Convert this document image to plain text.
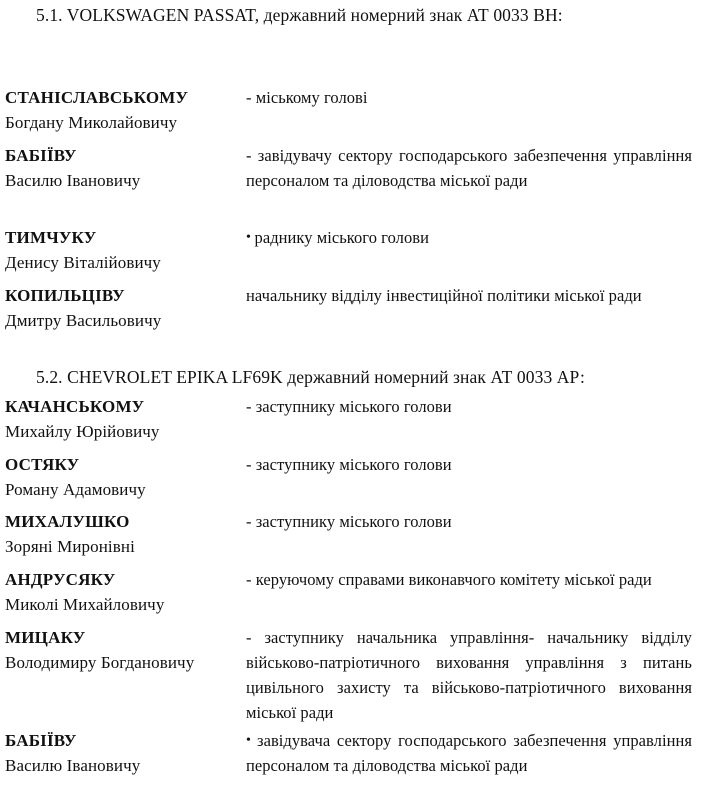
5.1. VOLKSWAGEN PASSAT, державний номерний знак АТ 0033 ВН:
СТАНІСЛАВСЬКОМУ
Богдану Миколайовичу
- міському голові
БАБІЇВУ
Василю Івановичу
- завідувачу сектору господарського забезпечення управління персоналом та діловодства міської ради
ТИМЧУКУ
Денису Віталійовичу
• раднику міського голови
КОПИЛЬЦІВУ
Дмитру Васильовичу
начальнику відділу інвестиційної політики міської ради
5.2. CHEVROLET EPIKA LF69K державний номерний знак АТ 0033 АР:
КАЧАНСЬКОМУ
Михайлу Юрійовичу
- заступнику міського голови
ОСТЯКУ
Роману Адамовичу
- заступнику міського голови
МИХАЛУШКО
Зоряні Миронівні
- заступнику міського голови
АНДРУСЯКУ
Миколі Михайловичу
- керуючому справами виконавчого комітету міської ради
МИЦАКУ
Володимиру Богдановичу
- заступнику начальника управління- начальнику відділу військово-патріотичного виховання управління з питань цивільного захисту та військово-патріотичного виховання міської ради
БАБІЇВУ
Василю Івановичу
• завідувача сектору господарського забезпечення управління персоналом та діловодства міської ради
